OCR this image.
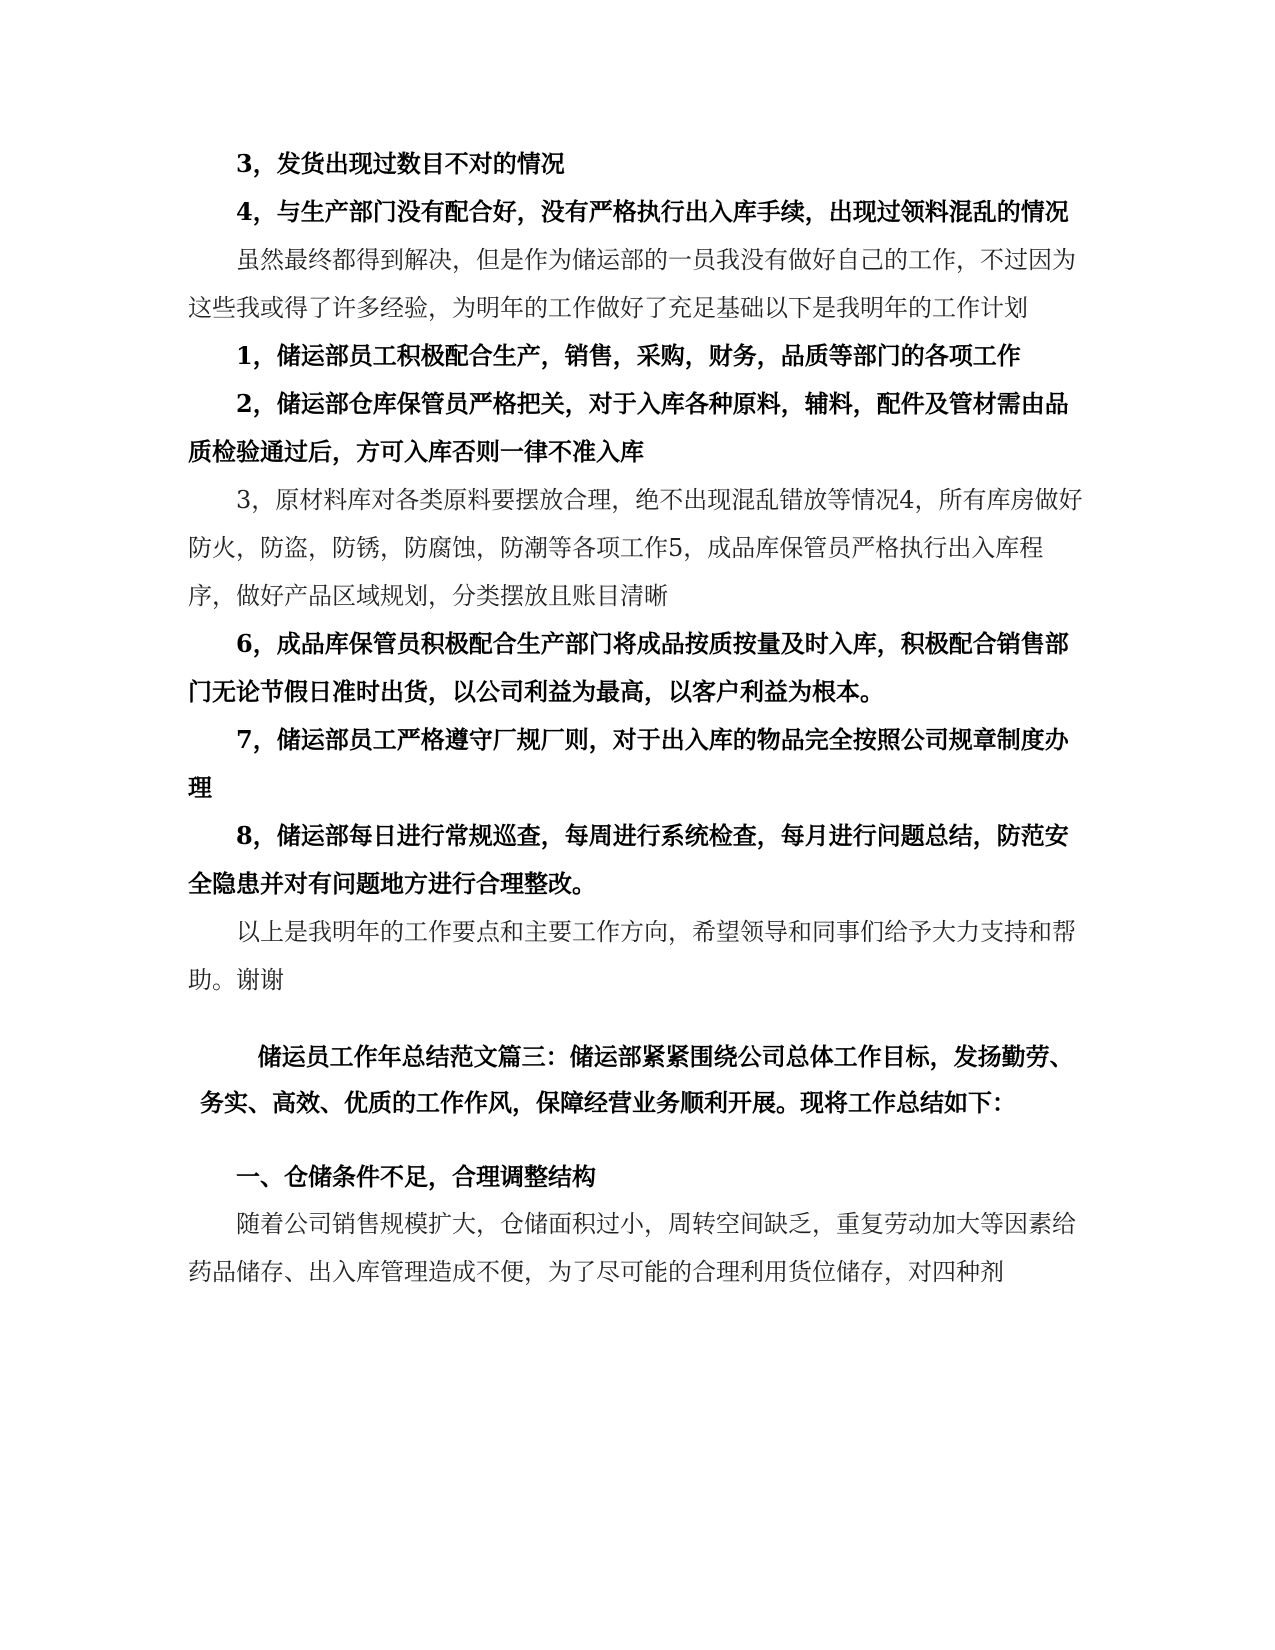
3，发货出现过数目不对的情况

4，与生产部门没有配合好，没有严格执行出入库手续，出现过领料混乱的情况

虽然最终都得到解决，但是作为储运部的一员我没有做好自己的工作，不过因为这些我或得了许多经验，为明年的工作做好了充足基础以下是我明年的工作计划

1，储运部员工积极配合生产，销售，采购，财务，品质等部门的各项工作

2，储运部仓库保管员严格把关，对于入库各种原料，辅料，配件及管材需由品质检验通过后，方可入库否则一律不准入库

3，原材料库对各类原料要摆放合理，绝不出现混乱错放等情况4，所有库房做好防火，防盗，防锈，防腐蚀，防潮等各项工作5，成品库保管员严格执行出入库程序，做好产品区域规划，分类摆放且账目清晰

6，成品库保管员积极配合生产部门将成品按质按量及时入库，积极配合销售部门无论节假日准时出货，以公司利益为最高，以客户利益为根本。

7，储运部员工严格遵守厂规厂则，对于出入库的物品完全按照公司规章制度办理

8，储运部每日进行常规巡查，每周进行系统检查，每月进行问题总结，防范安全隐患并对有问题地方进行合理整改。

以上是我明年的工作要点和主要工作方向，希望领导和同事们给予大力支持和帮助。谢谢

储运员工作年总结范文篇三：储运部紧紧围绕公司总体工作目标，发扬勤劳、务实、高效、优质的工作作风，保障经营业务顺利开展。现将工作总结如下：

一、仓储条件不足，合理调整结构

随着公司销售规模扩大，仓储面积过小，周转空间缺乏，重复劳动加大等因素给药品储存、出入库管理造成不便，为了尽可能的合理利用货位储存，对四种剂
